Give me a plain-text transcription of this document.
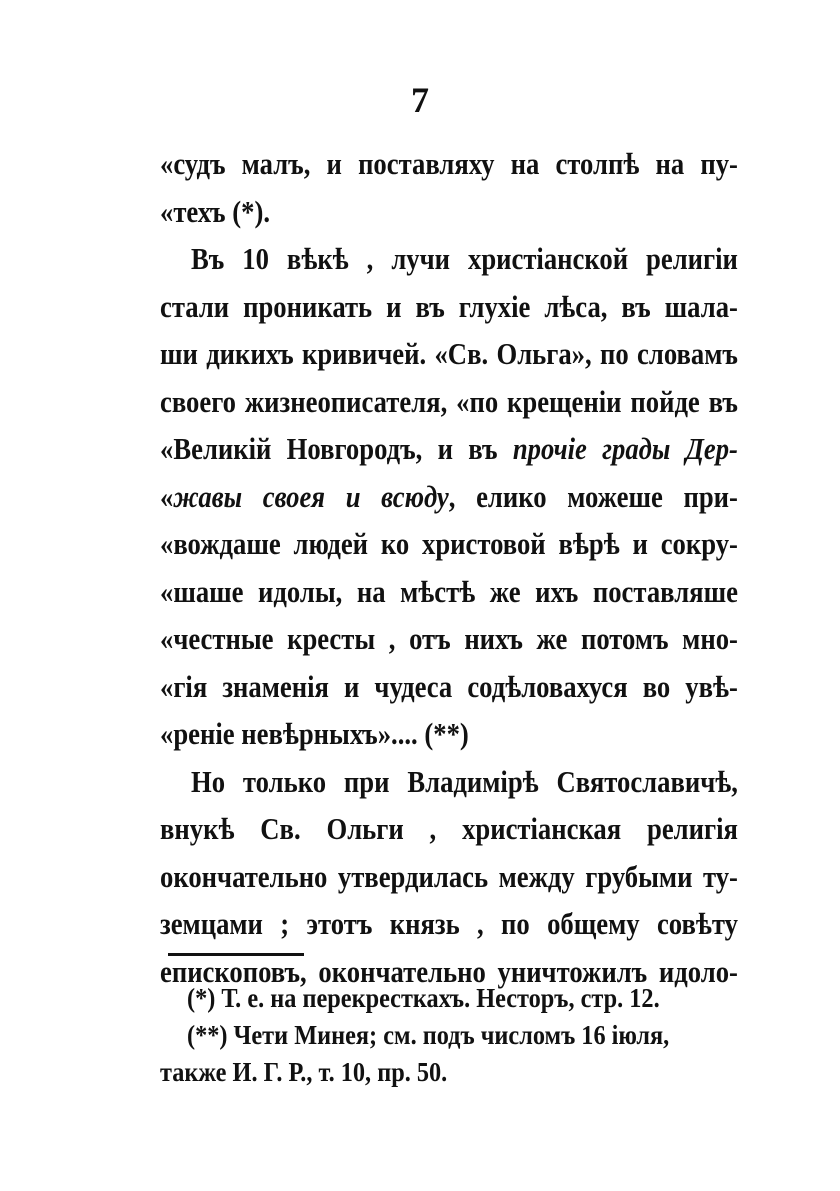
7
«судъ малъ, и поставляху на столпѣ на пу-
«техъ (*).
Въ 10 вѣкѣ , лучи христіанской религіи
стали проникать и въ глухіе лѣса, въ шала-
ши дикихъ кривичей. «Св. Ольга», по словамъ
своего жизнеописателя, «по крещеніи пойде въ
«Великій Новгородъ, и въ прочіе грады Дер-
«жавы своея и всюду, елико можеше при-
«вождаше людей ко христовой вѣрѣ и сокру-
«шаше идолы, на мѣстѣ же ихъ поставляше
«честные кресты , отъ нихъ же потомъ мно-
«гія знаменія и чудеса содѣловахуся во увѣ-
«реніе невѣрныхъ».... (**)
Но только при Владимірѣ Святославичѣ,
внукѣ Св. Ольги , христіанская религія
окончательно утвердилась между грубыми ту-
земцами ; этотъ князь , по общему совѣту
епископовъ, окончательно уничтожилъ идоло-
(*) Т. е. на перекресткахъ. Несторъ, стр. 12.
(**) Чети Минея; см. подъ числомъ 16 іюля,
также И. Г. Р., т. 10, пр. 50.
